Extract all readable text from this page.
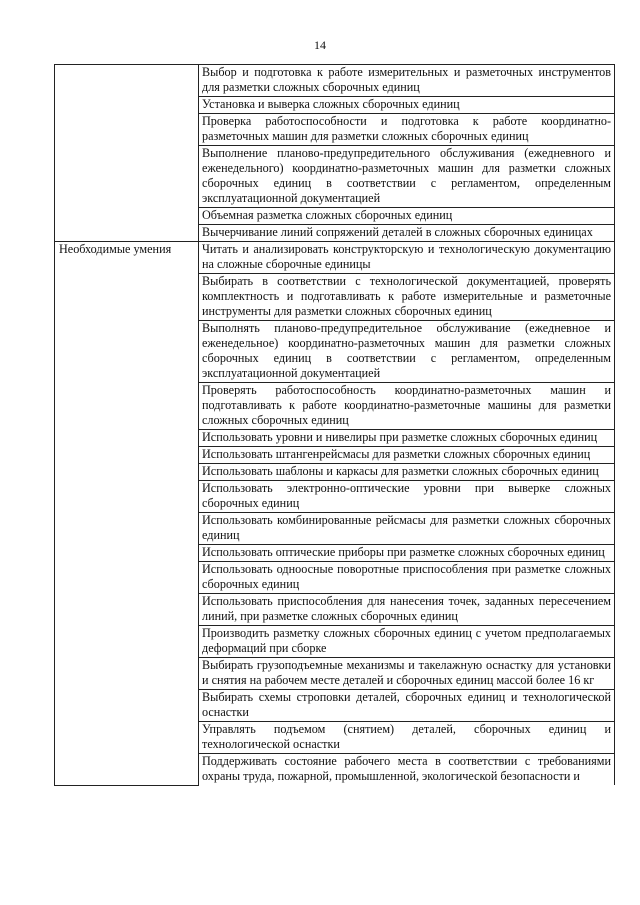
14
	Выбор и подготовка к работе измерительных и разметочных инструментов для разметки сложных сборочных единиц
	Установка и выверка сложных сборочных единиц
	Проверка работоспособности и подготовка к работе координатно-разметочных машин для разметки сложных сборочных единиц
	Выполнение планово-предупредительного обслуживания (ежедневного и еженедельного) координатно-разметочных машин для разметки сложных сборочных единиц в соответствии с регламентом, определенным эксплуатационной документацией
	Объемная разметка сложных сборочных единиц
	Вычерчивание линий сопряжений деталей в сложных сборочных единицах
Необходимые умения	Читать и анализировать конструкторскую и технологическую документацию на сложные сборочные единицы
	Выбирать в соответствии с технологической документацией, проверять комплектность и подготавливать к работе измерительные и разметочные инструменты для разметки сложных сборочных единиц
	Выполнять планово-предупредительное обслуживание (ежедневное и еженедельное) координатно-разметочных машин для разметки сложных сборочных единиц в соответствии с регламентом, определенным эксплуатационной документацией
	Проверять работоспособность координатно-разметочных машин и подготавливать к работе координатно-разметочные машины для разметки сложных сборочных единиц
	Использовать уровни и нивелиры при разметке сложных сборочных единиц
	Использовать штангенрейсмасы для разметки сложных сборочных единиц
	Использовать шаблоны и каркасы для разметки сложных сборочных единиц
	Использовать электронно-оптические уровни при выверке сложных сборочных единиц
	Использовать комбинированные рейсмасы для разметки сложных сборочных единиц
	Использовать оптические приборы при разметке сложных сборочных единиц
	Использовать одноосные поворотные приспособления при разметке сложных сборочных единиц
	Использовать приспособления для нанесения точек, заданных пересечением линий, при разметке сложных сборочных единиц
	Производить разметку сложных сборочных единиц с учетом предполагаемых деформаций при сборке
	Выбирать грузоподъемные механизмы и такелажную оснастку для установки и снятия на рабочем месте деталей и сборочных единиц массой более 16 кг
	Выбирать схемы строповки деталей, сборочных единиц и технологической оснастки
	Управлять подъемом (снятием) деталей, сборочных единиц и технологической оснастки
	Поддерживать состояние рабочего места в соответствии с требованиями охраны труда, пожарной, промышленной, экологической безопасности и
